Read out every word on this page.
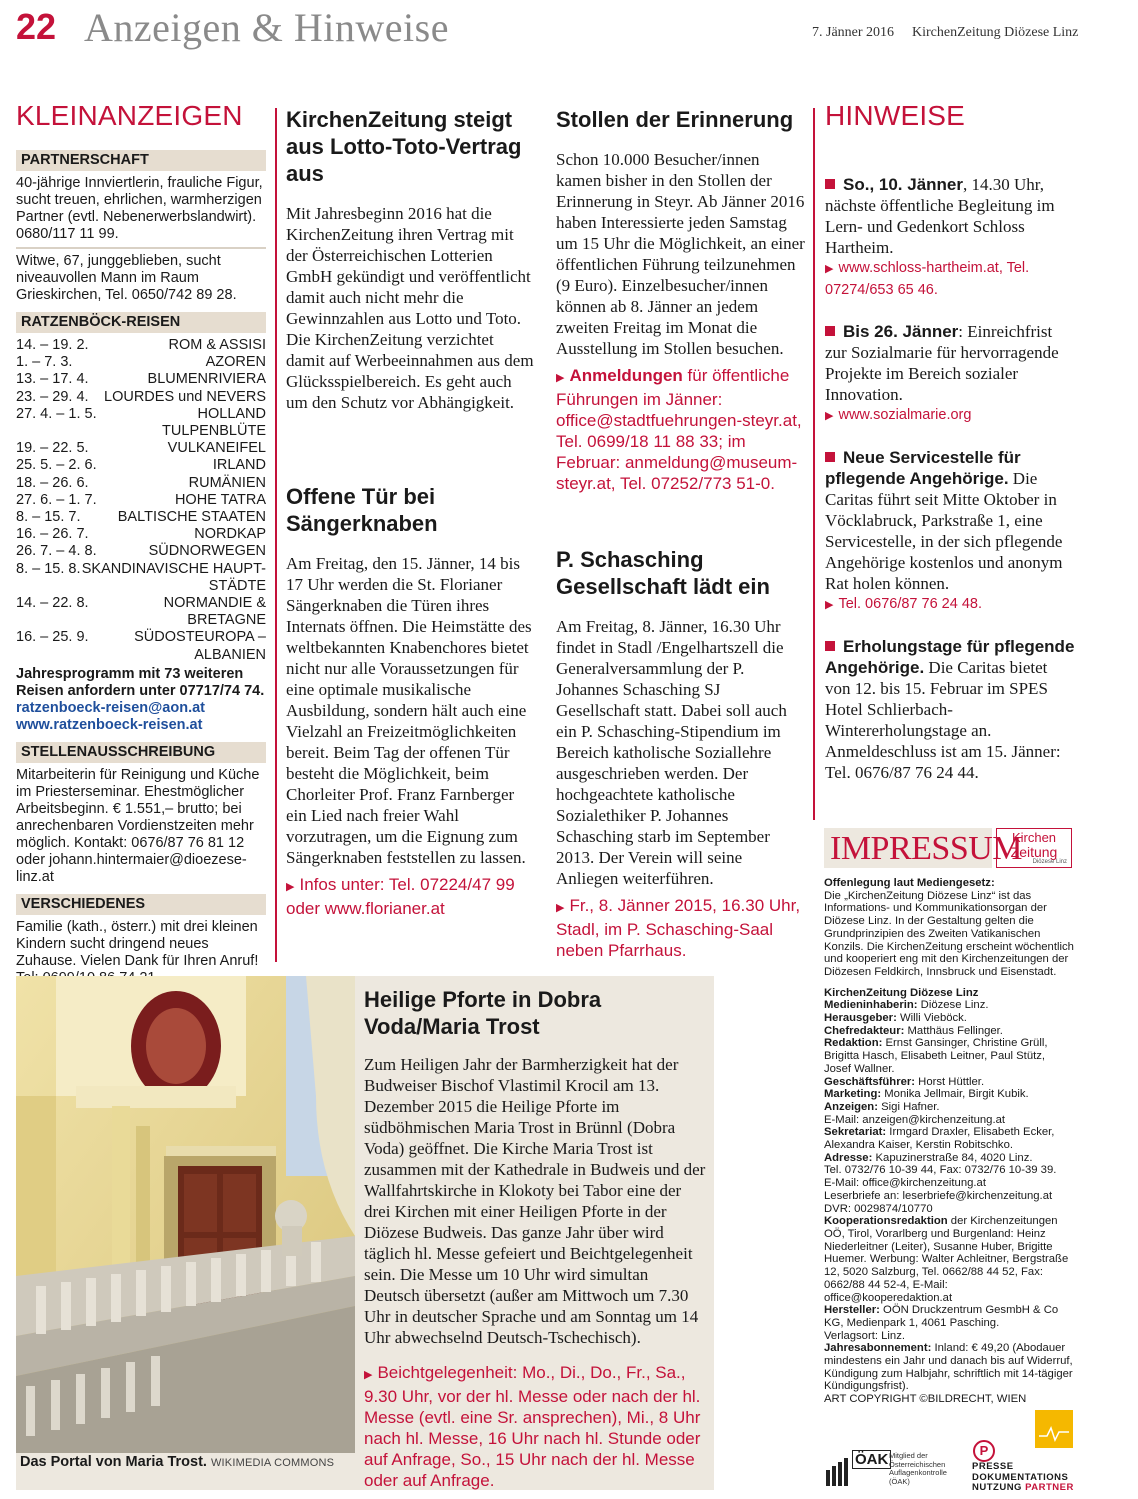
22 Anzeigen & Hinweise	7. Jänner 2016 KirchenZeitung Diözese Linz
KLEINANZEIGEN
PARTNERSCHAFT
40-jährige Innviertlerin, frauliche Figur, sucht treuen, ehrlichen, warmherzigen Partner (evtl. Nebenerwerbslandwirt). 0680/117 11 99.
Witwe, 67, junggeblieben, sucht niveauvollen Mann im Raum Grieskirchen, Tel. 0650/742 89 28.
RATZENBÖCK-REISEN
14. – 19. 2.	ROM & ASSISI
1. – 7. 3.	AZOREN
13. – 17. 4.	BLUMENRIVIERA
23. – 29. 4. LOURDES und NEVERS
27. 4. – 1. 5.	HOLLAND TULPENBLÜTE
19. – 22. 5.	VULKANEIFEL
25. 5. – 2. 6.	IRLAND
18. – 26. 6.	RUMÄNIEN
27. 6. – 1. 7.	HOHE TATRA
8. – 15. 7.	BALTISCHE STAATEN
16. – 26. 7.	NORDKAP
26. 7. – 4. 8.	SÜDNORWEGEN
8. – 15. 8. SKANDINAVISCHE HAUPT-
STÄDTE
14. – 22. 8.	NORMANDIE & BRETAGNE
16. – 25. 9.	SÜDOSTEUROPA –
ALBANIEN
Jahresprogramm mit 73 weiteren Reisen anfordern unter 07717/74 74.
ratzenboeck-reisen@aon.at
www.ratzenboeck-reisen.at
STELLENAUSSCHREIBUNG
Mitarbeiterin für Reinigung und Küche im Priesterseminar. Ehestmöglicher Arbeitsbeginn. € 1.551,– brutto; bei anrechenbaren Vordienstzeiten mehr möglich. Kontakt: 0676/87 76 81 12 oder johann.hintermaier@dioezese-linz.at
VERSCHIEDENES
Familie (kath., österr.) mit drei kleinen Kindern sucht dringend neues Zuhause. Vielen Dank für Ihren Anruf!
KirchenZeitung steigt aus Lotto-Toto-Vertrag aus

Mit Jahresbeginn 2016 hat die KirchenZeitung ihren Vertrag mit der Österreichischen Lotterien GmbH gekündigt und veröffentlicht damit auch nicht mehr die Gewinnzahlen aus Lotto und Toto. Die KirchenZeitung verzichtet damit auf Werbeeinnahmen aus dem Glücksspielbereich. Es geht auch um den Schutz vor Abhängigkeit.

Offene Tür bei Sängerknaben

Am Freitag, den 15. Jänner, 14 bis 17 Uhr werden die St. Florianer Sängerknaben die Türen ihres Internats öffnen. Die Heimstätte des weltbekannten Knabenchores bietet nicht nur alle Voraussetzungen für eine optimale musikalische Ausbildung, sondern hält auch eine Vielzahl an Freizeitmöglichkeiten bereit. Beim Tag der offenen Tür besteht die Möglichkeit, beim Chorleiter Prof. Franz Farnberger ein Lied nach freier Wahl vorzutragen, um die Eignung zum Sängerknaben feststellen zu lassen.

▶ Infos unter: Tel. 07224/47 99 oder www.florianer.at

Stollen der Erinnerung

Schon 10.000 Besucher/innen kamen bisher in den Stollen der Erinnerung in Steyr. Ab Jänner 2016 haben Interessierte jeden Samstag um 15 Uhr die Möglichkeit, an einer öffentlichen Führung teilzunehmen (9 Euro). Einzelbesucher/innen können ab 8. Jänner an jedem zweiten Freitag im Monat die Ausstellung im Stollen besuchen.

▶ Anmeldungen für öffentliche Führungen im Jänner: office@stadtfuehrungen-steyr.at, Tel. 0699/18 11 88 33; im Februar: anmeldung@museum-steyr.at, Tel. 07252/773 51-0.

P. Schasching Gesellschaft lädt ein

Am Freitag, 8. Jänner, 16.30 Uhr findet in Stadl /Engelhartszell die Generalversammlung der P. Johannes Schasching SJ Gesellschaft statt. Dabei soll auch ein P. Schasching-Stipendium im Bereich katholische Soziallehre ausgeschrieben werden. Der hochgeachtete katholische Sozialethiker P. Johannes Schasching starb im September 2013. Der Verein will seine Anliegen weiterführen.

▶ Fr., 8. Jänner 2015, 16.30 Uhr, Stadl, im P. Schasching-Saal neben Pfarrhaus.

HINWEISE
So., 10. Jänner, 14.30 Uhr, nächste öffentliche Begleitung im Lern- und Gedenkort Schloss Hartheim.
▶ www.schloss-hartheim.at, Tel. 07274/653 65 46.
Bis 26. Jänner: Einreichfrist zur Sozialmarie für hervorragende Projekte im Bereich sozialer Innovation.
▶ www.sozialmarie.org
Neue Servicestelle für pflegende Angehörige. Die Caritas führt seit Mitte Oktober in Vöcklabruck, Parkstraße 1, eine Servicestelle, in der sich pflegende Angehörige kostenlos und anonym Rat holen können.
▶ Tel. 0676/87 76 24 48.
Erholungstage für pflegende Angehörige. Die Caritas bietet von 12. bis 15. Februar im SPES Hotel Schlierbach-Wintererholungstage an. Anmeldeschluss ist am 15. Jänner: Tel. 0676/87 76 24 44.
IMPRESSUM
Kirchen
Zeitung
Diözese Linz

Offenlegung laut Mediengesetz:

Die „KirchenZeitung Diözese Linz“ ist das Informations- und Kommunikationsorgan der Diözese Linz. In der Gestaltung gelten die Grundprinzipien des Zweiten Vatikanischen Konzils. Die KirchenZeitung erscheint wöchentlich und kooperiert eng mit den Kirchenzeitungen der Diözesen Feldkirch, Innsbruck und Eisenstadt.

KirchenZeitung Diözese Linz

Medieninhaberin: Diözese Linz.
Herausgeber: Willi Vieböck.
Chefredakteur: Matthäus Fellinger.
Redaktion: Ernst Gansinger, Christine Grüll, Brigitta Hasch, Elisabeth Leitner, Paul Stütz, Josef Wallner.
Geschäftsführer: Horst Hüttler.
Marketing: Monika Jellmair, Birgit Kubik.
Anzeigen: Sigi Hafner.
E-Mail: anzeigen@kirchenzeitung.at
Sekretariat: Irmgard Draxler, Elisabeth Ecker, Alexandra Kaiser, Kerstin Robitschko.
Adresse: Kapuzinerstraße 84, 4020 Linz.
Tel. 0732/76 10-39 44, Fax: 0732/76 10-39 39.
E-Mail: office@kirchenzeitung.at
Leserbriefe an: leserbriefe@kirchenzeitung.at
DVR: 0029874/10770
Kooperationsredaktion der Kirchenzeitungen OÖ, Tirol, Vorarlberg und Burgenland: Heinz Niederleitner (Leiter), Susanne Huber, Brigitte Huemer. Werbung: Walter Achleitner, Bergstraße 12, 5020 Salzburg, Tel. 0662/88 44 52, Fax: 0662/88 44 52-4, E-Mail: office@kooperedaktion.at
Hersteller: OÖN Druckzentrum GesmbH & Co KG, Medienpark 1, 4061 Pasching.
Verlagsort: Linz.
Jahresabonnement: Inland: € 49,20 (Abodauer mindestens ein Jahr und danach bis auf Widerruf, Kündigung zum Halbjahr, schriftlich mit 14-tägiger Kündigungsfrist).
ART COPYRIGHT ©BILDRECHT, WIEN
ÖAK Mitglied der Österreichischen Auflagenkontrolle (ÖAK)
P
PRESSE
DOKUMENTATIONS
NUTZUNG PARTNER
Das Portal von Maria Trost. WIKIMEDIA COMMONS
Heilige Pforte in Dobra Voda/Maria Trost

Zum Heiligen Jahr der Barmherzigkeit hat der Budweiser Bischof Vlastimil Krocil am 13. Dezember 2015 die Heilige Pforte im südböhmischen Maria Trost in Brünnl (Dobra Voda) geöffnet. Die Kirche Maria Trost ist zusammen mit der Kathedrale in Budweis und der Wallfahrtskirche in Klokoty bei Tabor eine der drei Kirchen mit einer Heiligen Pforte in der Diözese Budweis. Das ganze Jahr über wird täglich hl. Messe gefeiert und Beichtgelegenheit sein. Die Messe um 10 Uhr wird simultan Deutsch übersetzt (außer am Mittwoch um 7.30 Uhr in deutscher Sprache und am Sonntag um 14 Uhr abwechselnd Deutsch-Tschechisch).

▶ Beichtgelegenheit: Mo., Di., Do., Fr., Sa., 9.30 Uhr, vor der hl. Messe oder nach der hl. Messe (evtl. eine Sr. ansprechen), Mi., 8 Uhr nach hl. Messe, 16 Uhr nach hl. Stunde oder auf Anfrage, So., 15 Uhr nach der hl. Messe oder auf Anfrage.
